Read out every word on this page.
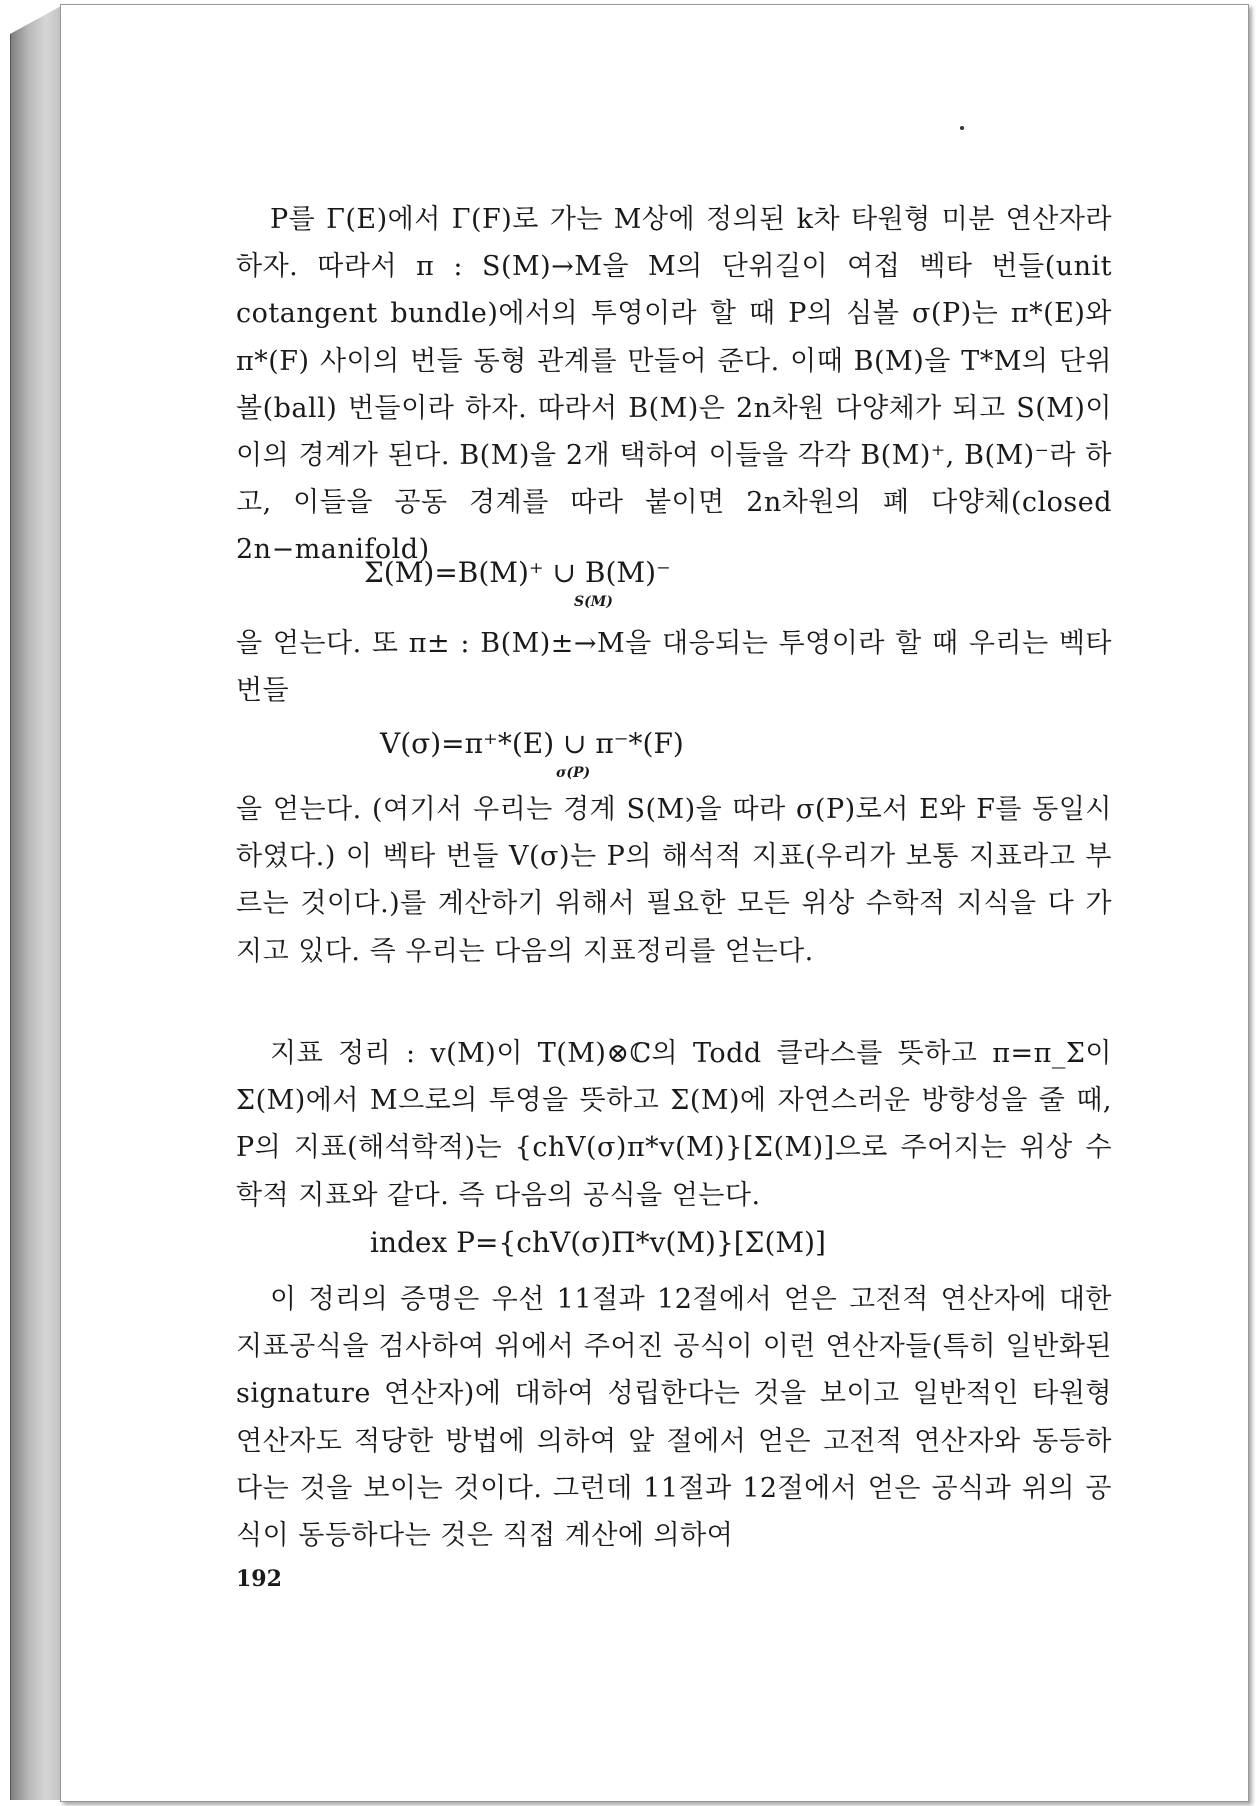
P를 Γ(E)에서 Γ(F)로 가는 M상에 정의된 k차 타원형 미분 연산자라 하자. 따라서 π : S(M)→M을 M의 단위길이 여접 벡타 번들(unit cotangent bundle)에서의 투영이라 할 때 P의 심볼 σ(P)는 π*(E)와 π*(F) 사이의 번들 동형 관계를 만들어 준다. 이때 B(M)을 T*M의 단위 볼(ball) 번들이라 하자. 따라서 B(M)은 2n차원 다양체가 되고 S(M)이 이의 경계가 된다. B(M)을 2개 택하여 이들을 각각 B(M)⁺, B(M)⁻라 하고, 이들을 공동 경계를 따라 붙이면 2n차원의 폐 다양체(closed 2n−manifold)
Σ(M)=B(M)⁺ ∪ B(M)⁻
S(M)
을 얻는다. 또 π± : B(M)±→M을 대응되는 투영이라 할 때 우리는 벡타 번들
V(σ)=π⁺*(E) ∪ π⁻*(F)
σ(P)
을 얻는다. (여기서 우리는 경계 S(M)을 따라 σ(P)로서 E와 F를 동일시하였다.) 이 벡타 번들 V(σ)는 P의 해석적 지표(우리가 보통 지표라고 부르는 것이다.)를 계산하기 위해서 필요한 모든 위상 수학적 지식을 다 가지고 있다. 즉 우리는 다음의 지표정리를 얻는다.
지표 정리 : v(M)이 T(M)⊗ℂ의 Todd 클라스를 뜻하고 π=π_Σ이 Σ(M)에서 M으로의 투영을 뜻하고 Σ(M)에 자연스러운 방향성을 줄 때, P의 지표(해석학적)는 {chV(σ)π*v(M)}[Σ(M)]으로 주어지는 위상 수학적 지표와 같다. 즉 다음의 공식을 얻는다.
index P={chV(σ)Π*v(M)}[Σ(M)]
이 정리의 증명은 우선 11절과 12절에서 얻은 고전적 연산자에 대한 지표공식을 검사하여 위에서 주어진 공식이 이런 연산자들(특히 일반화된 signature 연산자)에 대하여 성립한다는 것을 보이고 일반적인 타원형 연산자도 적당한 방법에 의하여 앞 절에서 얻은 고전적 연산자와 동등하다는 것을 보이는 것이다. 그런데 11절과 12절에서 얻은 공식과 위의 공식이 동등하다는 것은 직접 계산에 의하여
192
